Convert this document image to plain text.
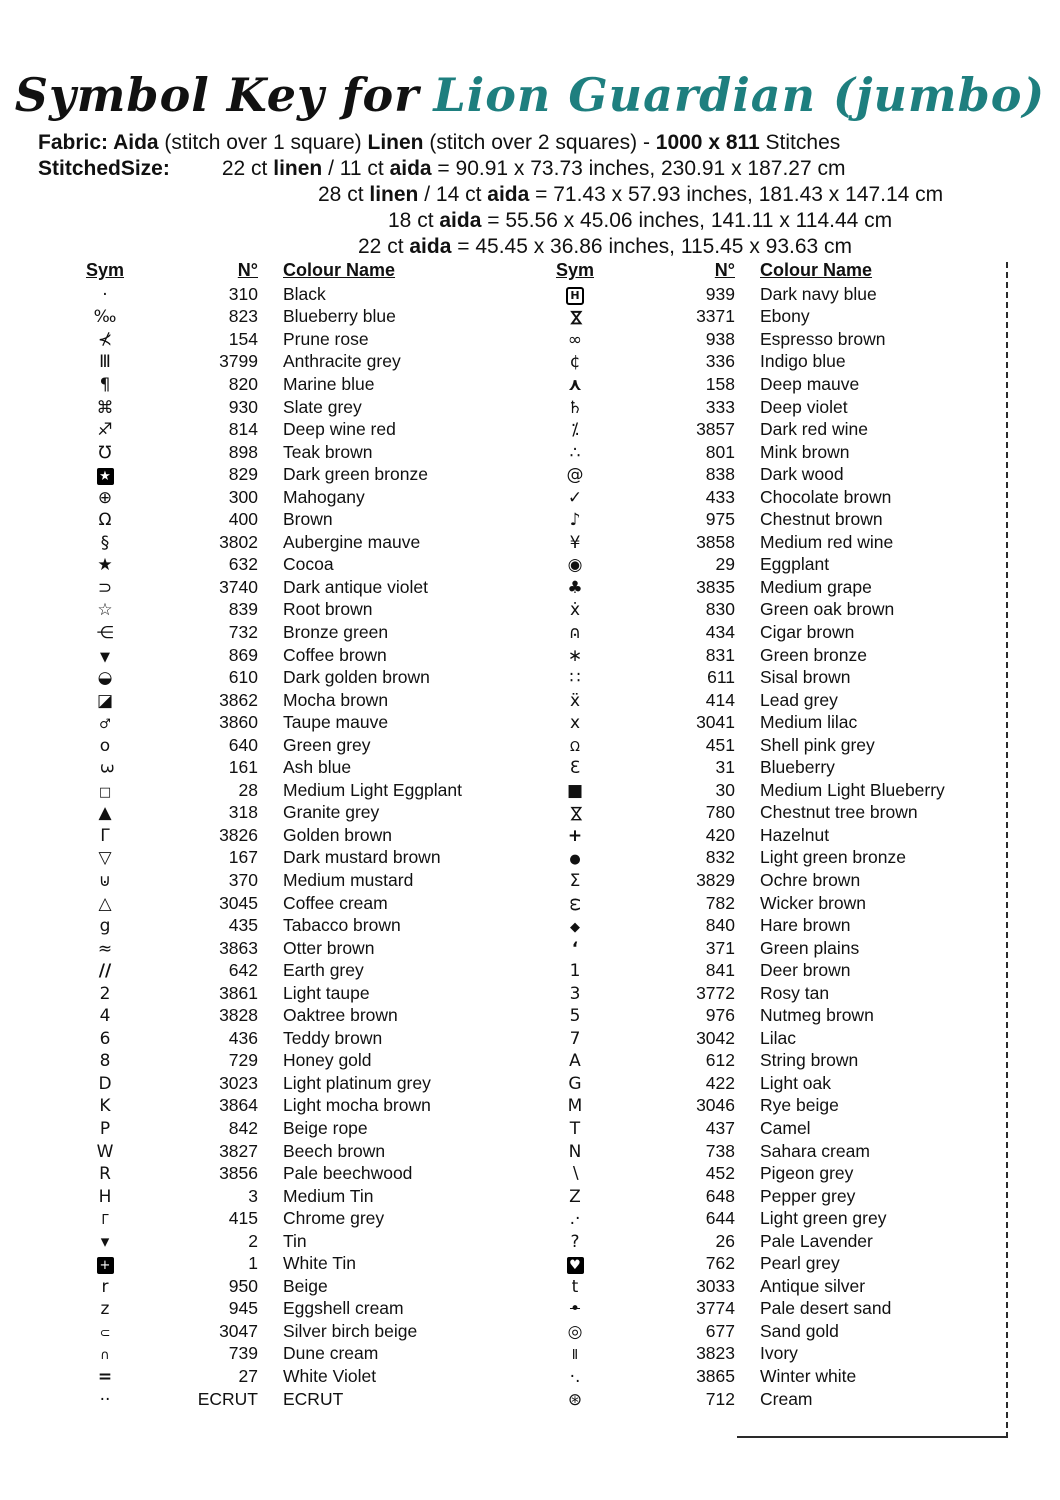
Symbol Key for Lion Guardian (jumbo)
Fabric: Aida (stitch over 1 square) Linen (stitch over 2 squares) - 1000 x 811 Stitches
StitchedSize: 22 ct linen / 11 ct aida = 90.91 x 73.73 inches, 230.91 x 187.27 cm
28 ct linen / 14 ct aida = 71.43 x 57.93 inches, 181.43 x 147.14 cm
18 ct aida = 55.56 x 45.06 inches, 141.11 x 114.44 cm
22 ct aida = 45.45 x 36.86 inches, 115.45 x 93.63 cm
Sym	N°	Colour Name
·	310	Black
‰	823	Blueberry blue
⊀	154	Prune rose
Ⅲ	3799	Anthracite grey
¶	820	Marine blue
⌘	930	Slate grey
♐	814	Deep wine red
℧	898	Teak brown
★	829	Dark green bronze
⊕	300	Mahogany
Ω	400	Brown
§	3802	Aubergine mauve
★	632	Cocoa
⊃	3740	Dark antique violet
☆	839	Root brown
⋲	732	Bronze green
▼	869	Coffee brown
◒	610	Dark golden brown
◪	3862	Mocha brown
♂	3860	Taupe mauve
o	640	Green grey
3	161	Ash blue
□	28	Medium Light Eggplant
▲	318	Granite grey
Γ	3826	Golden brown
▽	167	Dark mustard brown
⊍	370	Medium mustard
△	3045	Coffee cream
g	435	Tabacco brown
≈	3863	Otter brown
//	642	Earth grey
2	3861	Light taupe
4	3828	Oaktree brown
6	436	Teddy brown
8	729	Honey gold
D	3023	Light platinum grey
K	3864	Light mocha brown
P	842	Beige rope
W	3827	Beech brown
R	3856	Pale beechwood
H	3	Medium Tin
Γ	415	Chrome grey
▾	2	Tin
+	1	White Tin
r	950	Beige
z	945	Eggshell cream
⊂	3047	Silver birch beige
∩	739	Dune cream
=	27	White Violet
··	ECRUT	ECRUT
Sym	N°	Colour Name
H	939	Dark navy blue
⋈	3371	Ebony
∞	938	Espresso brown
¢	336	Indigo blue
⋏	158	Deep mauve
♄	333	Deep violet
⁒	3857	Dark red wine
∴	801	Mink brown
@	838	Dark wood
✓	433	Chocolate brown
♪	975	Chestnut brown
¥	3858	Medium red wine
◉	29	Eggplant
♣	3835	Medium grape
ẋ	830	Green oak brown
∩ •	434	Cigar brown
∗	831	Green bronze
∷	611	Sisal brown
ẍ	414	Lead grey
x	3041	Medium lilac
Ω	451	Shell pink grey
Ɛ	31	Blueberry
■	30	Medium Light Blueberry
⋈	780	Chestnut tree brown
+	420	Hazelnut
●	832	Light green bronze
Σ	3829	Ochre brown
ω	782	Wicker brown
◆	840	Hare brown
‘	371	Green plains
1	841	Deer brown
3	3772	Rosy tan
5	976	Nutmeg brown
7	3042	Lilac
A	612	String brown
G	422	Light oak
M	3046	Rye beige
T	437	Camel
N	738	Sahara cream
∖	452	Pigeon grey
Z	648	Pepper grey
.·	644	Light green grey
?	26	Pale Lavender
♥	762	Pearl grey
t	3033	Antique silver
•	3774	Pale desert sand
◎	677	Sand gold
Ⅱ	3823	Ivory
·.	3865	Winter white
⊛	712	Cream
